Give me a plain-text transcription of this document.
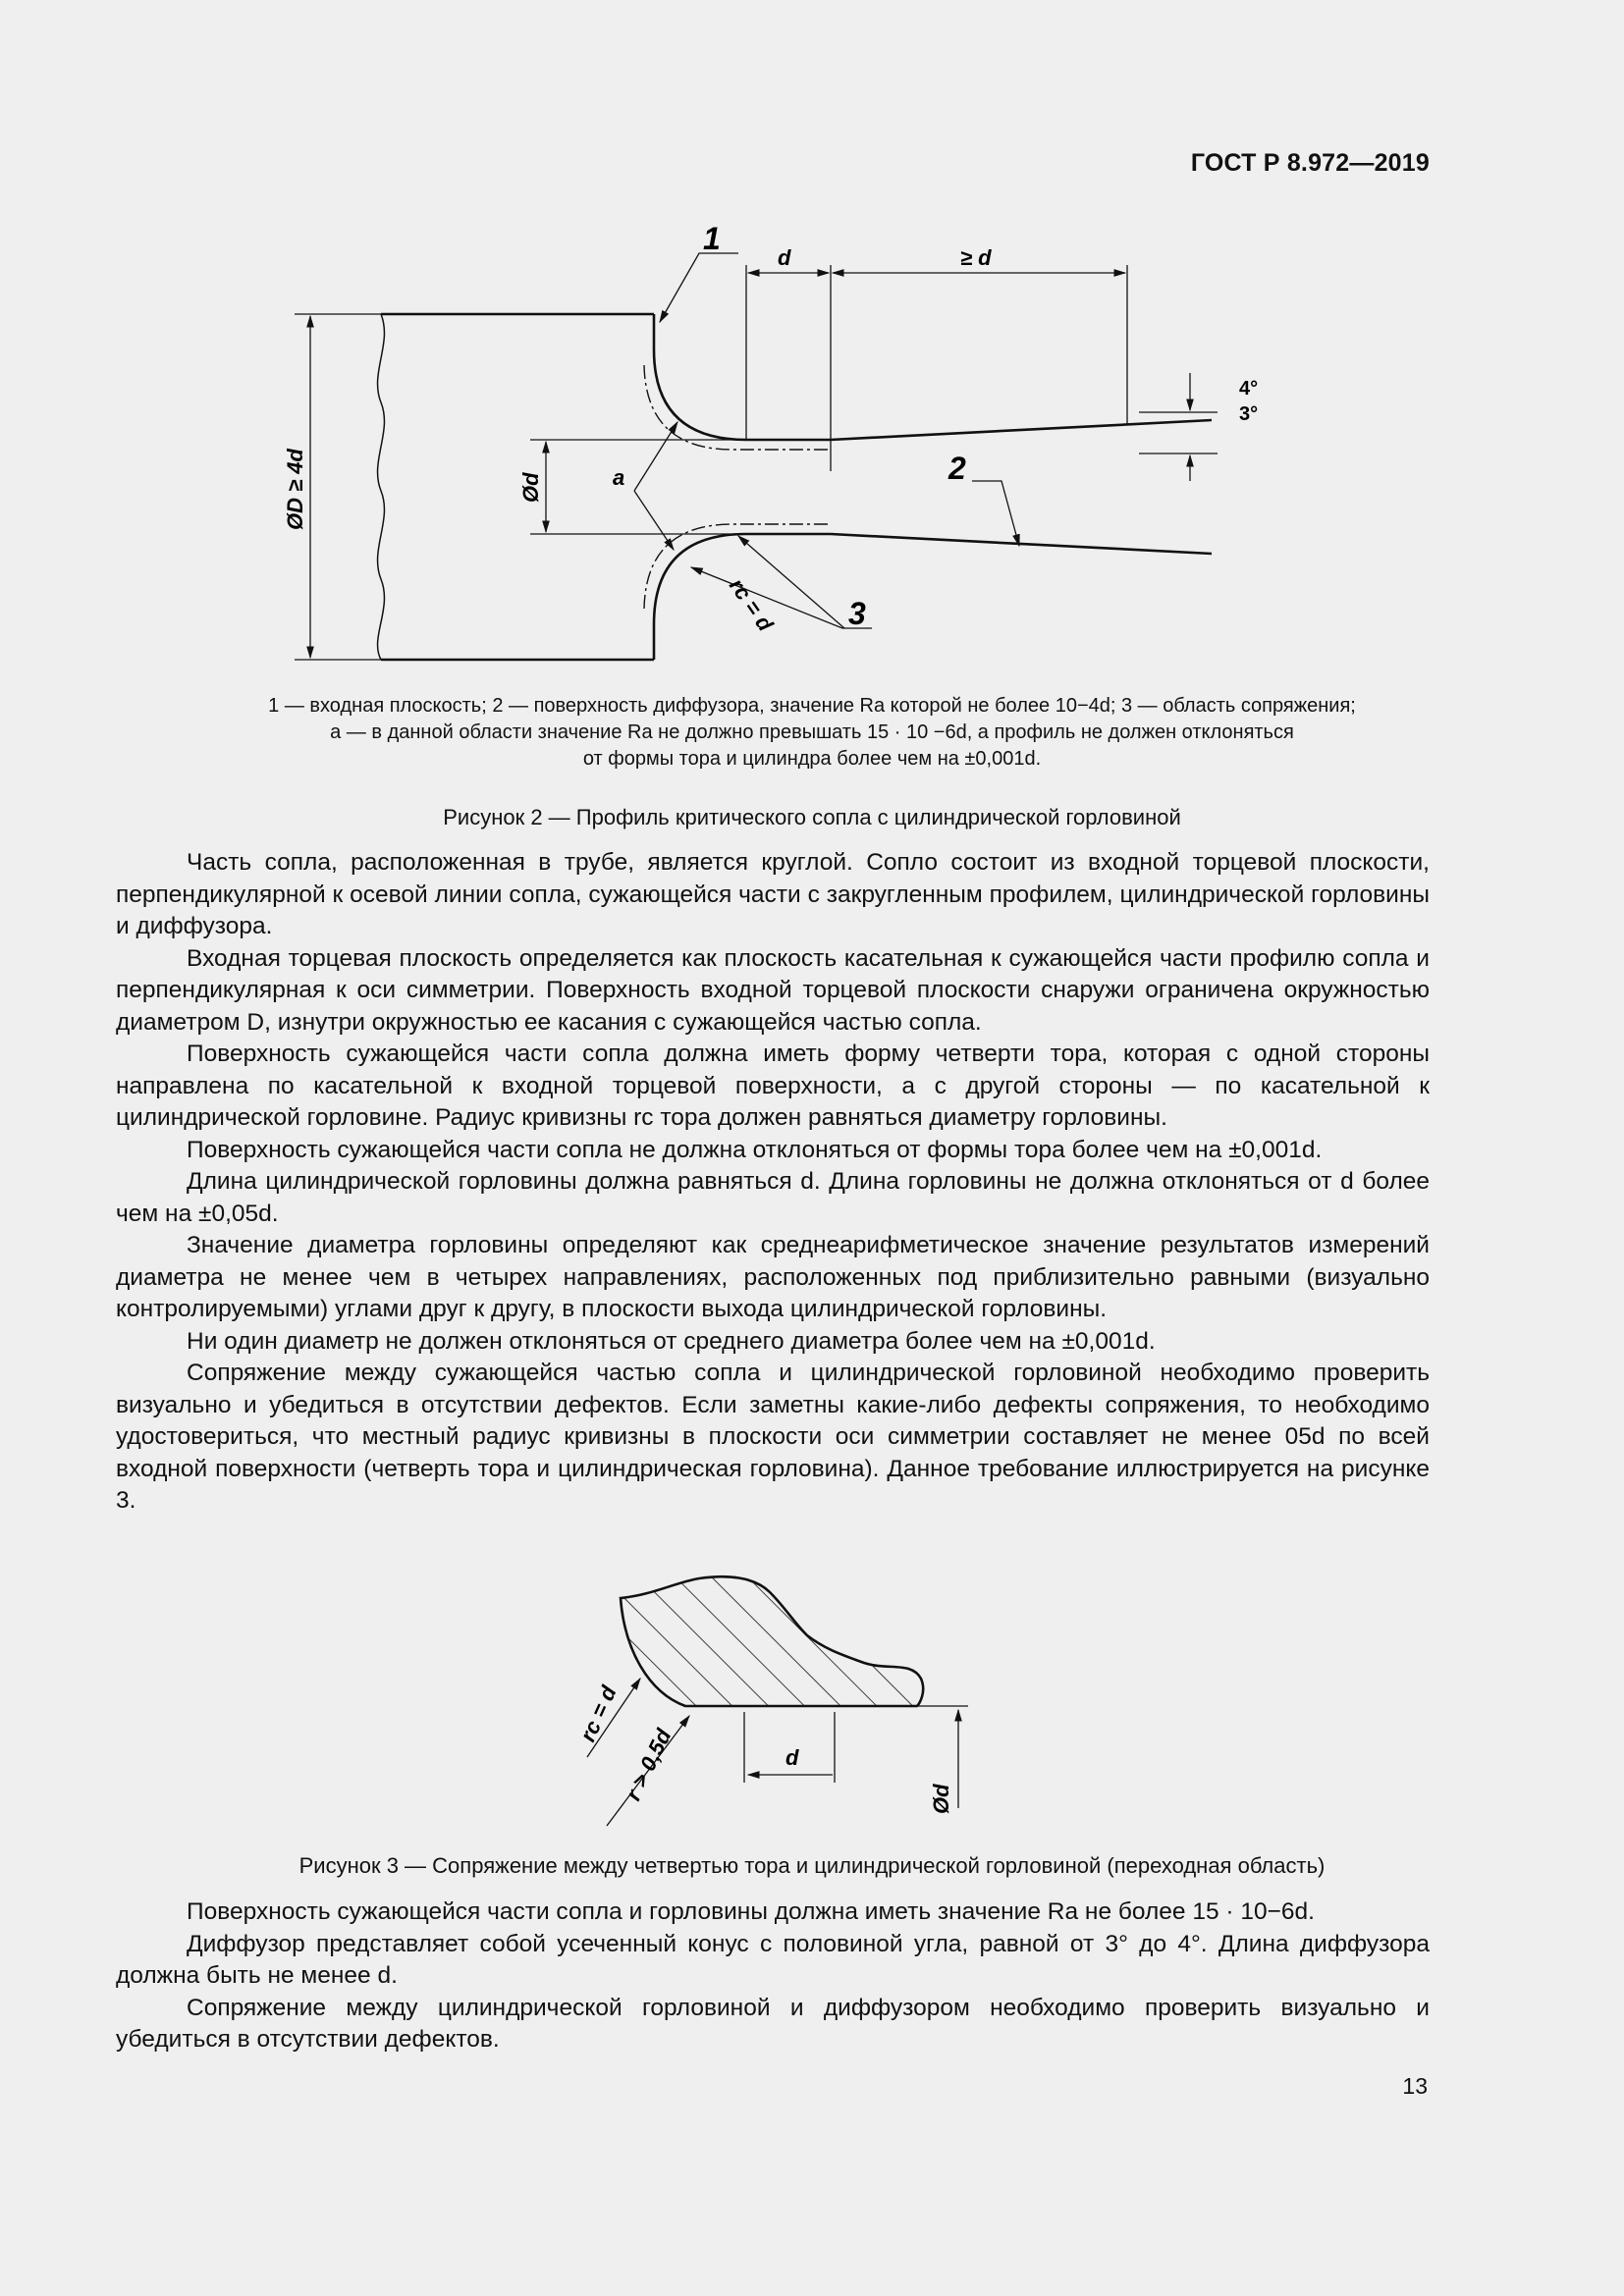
ГОСТ Р 8.972—2019
1
d	≥ d
4°
3°
2
a
3
ØD ≥ 4d	Ød
rc = d
1 — входная плоскость; 2 — поверхность диффузора, значение Ra которой не более 10−4d; 3 — область сопряжения;
a — в данной области значение Ra не должно превышать 15 · 10 −6d, а профиль не должен отклоняться
от формы тора и цилиндра более чем на ±0,001d.
Рисунок 2 — Профиль критического сопла с цилиндрической горловиной

Часть сопла, расположенная в трубе, является круглой. Сопло состоит из входной торцевой плоскости, перпендикулярной к осевой линии сопла, сужающейся части с закругленным профилем, цилиндрической горловины и диффузора.

Входная торцевая плоскость определяется как плоскость касательная к сужающейся части профилю сопла и перпендикулярная к оси симметрии. Поверхность входной торцевой плоскости снаружи ограничена окружностью диаметром D, изнутри окружностью ее касания с сужающейся частью сопла.

Поверхность сужающейся части сопла должна иметь форму четверти тора, которая с одной стороны направлена по касательной к входной торцевой поверхности, а с другой стороны — по касательной к цилиндрической горловине. Радиус кривизны rc тора должен равняться диаметру горловины.

Поверхность сужающейся части сопла не должна отклоняться от формы тора более чем на ±0,001d.

Длина цилиндрической горловины должна равняться d. Длина горловины не должна отклоняться от d более чем на ±0,05d.

Значение диаметра горловины определяют как среднеарифметическое значение результатов измерений диаметра не менее чем в четырех направлениях, расположенных под приблизительно равными (визуально контролируемыми) углами друг к другу, в плоскости выхода цилиндрической горловины.

Ни один диаметр не должен отклоняться от среднего диаметра более чем на ±0,001d.

Сопряжение между сужающейся частью сопла и цилиндрической горловиной необходимо проверить визуально и убедиться в отсутствии дефектов. Если заметны какие-либо дефекты сопряжения, то необходимо удостовериться, что местный радиус кривизны в плоскости оси симметрии составляет не менее 05d по всей входной поверхности (четверть тора и цилиндрическая горловина). Данное требование иллюстрируется на рисунке 3.

rc = d
r > 0,5d	d
Ød
Рисунок 3 — Сопряжение между четвертью тора и цилиндрической горловиной (переходная область)

Поверхность сужающейся части сопла и горловины должна иметь значение Ra не более 15 · 10−6d.

Диффузор представляет собой усеченный конус с половиной угла, равной от 3° до 4°. Длина диффузора должна быть не менее d.

Сопряжение между цилиндрической горловиной и диффузором необходимо проверить визуально и убедиться в отсутствии дефектов.

13
